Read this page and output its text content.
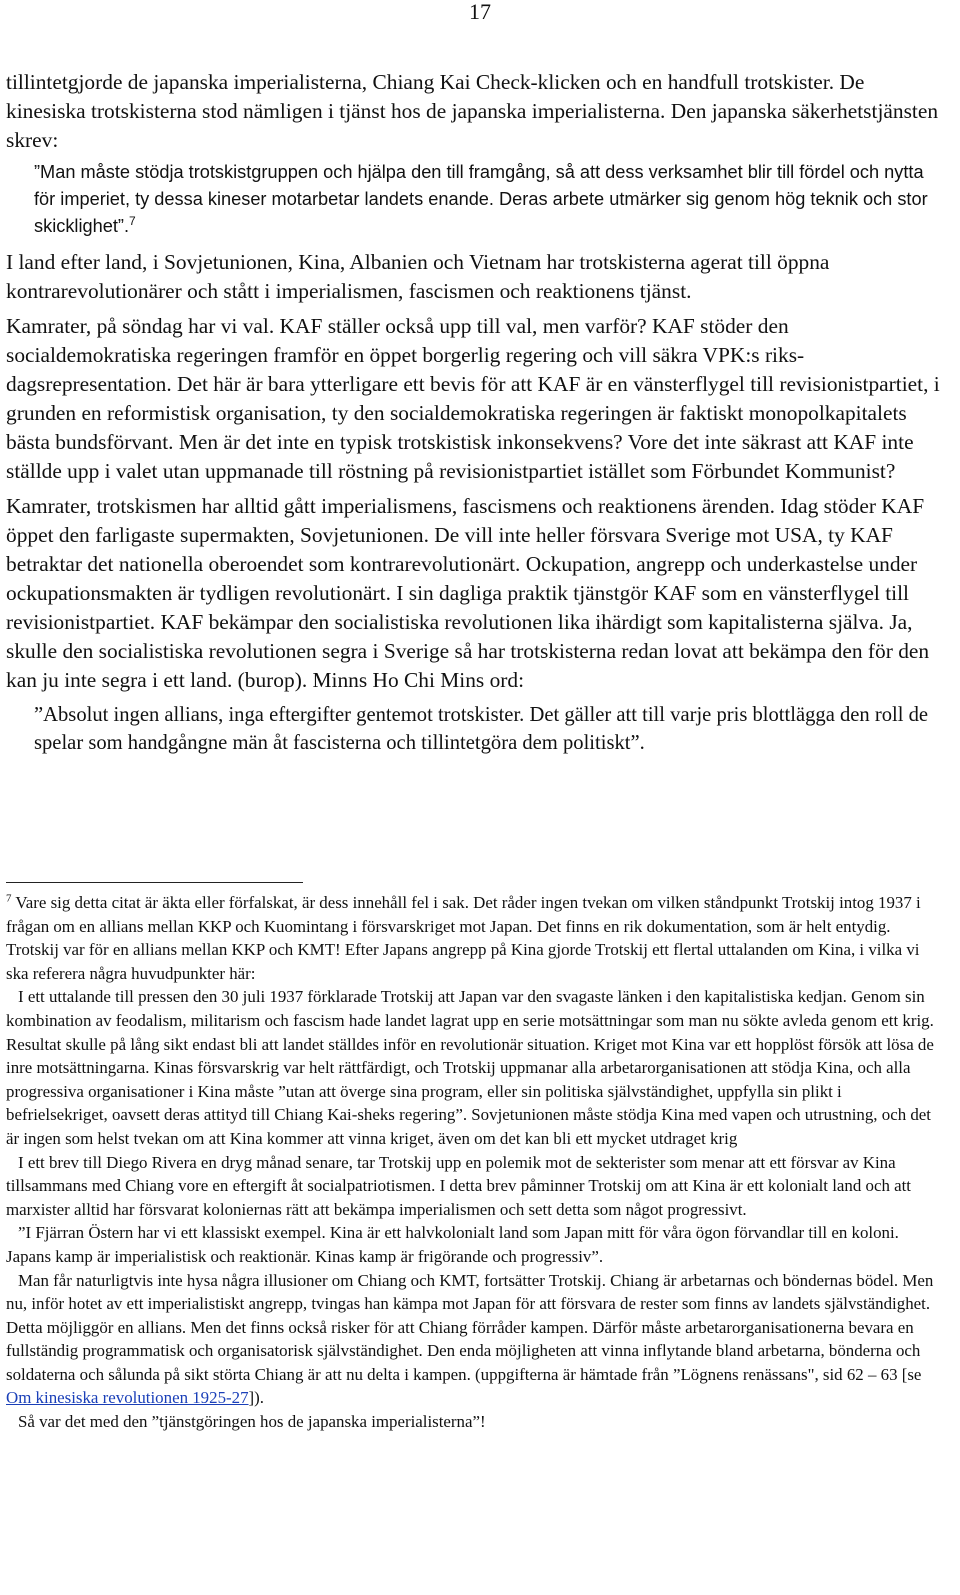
17

tillintetgjorde de japanska imperialisterna, Chiang Kai Check-klicken och en handfull trotskister. De kinesiska trotskisterna stod nämligen i tjänst hos de japanska imperialisterna. Den japanska säkerhetstjänsten skrev:

”Man måste stödja trotskistgruppen och hjälpa den till framgång, så att dess verksamhet blir till fördel och nytta för imperiet, ty dessa kineser motarbetar landets enande. Deras arbete utmärker sig genom hög teknik och stor skicklighet”.$^7$

I land efter land, i Sovjetunionen, Kina, Albanien och Vietnam har trotskisterna agerat till öppna kontrarevolutionärer och stått i imperialismen, fascismen och reaktionens tjänst.

Kamrater, på söndag har vi val. KAF ställer också upp till val, men varför? KAF stöder den socialdemokratiska regeringen framför en öppet borgerlig regering och vill säkra VPK:s riksdagsrepresentation. Det här är bara ytterligare ett bevis för att KAF är en vänsterflygel till revisionistpartiet, i grunden en reformistisk organisation, ty den socialdemokratiska regeringen är faktiskt monopolkapitalets bästa bundsförvant. Men är det inte en typisk trotskistisk inkonsekvens? Vore det inte säkrast att KAF inte ställde upp i valet utan uppmanade till röstning på revisionistpartiet istället som Förbundet Kommunist?

Kamrater, trotskismen har alltid gått imperialismens, fascismens och reaktionens ärenden. Idag stöder KAF öppet den farligaste supermakten, Sovjetunionen. De vill inte heller försvara Sverige mot USA, ty KAF betraktar det nationella oberoendet som kontrarevolutionärt. Ockupation, angrepp och underkastelse under ockupationsmakten är tydligen revolutionärt. I sin dagliga praktik tjänstgör KAF som en vänsterflygel till revisionistpartiet. KAF bekämpar den socialistiska revolutionen lika ihärdigt som kapitalisterna själva. Ja, skulle den socialistiska revolutionen segra i Sverige så har trotskisterna redan lovat att bekämpa den för den kan ju inte segra i ett land. (burop). Minns Ho Chi Mins ord:

”Absolut ingen allians, inga eftergifter gentemot trotskister. Det gäller att till varje pris blottlägga den roll de spelar som handgångne män åt fascisterna och tillintetgöra dem politiskt”.

$^7$ Vare sig detta citat är äkta eller förfalskat, är dess innehåll fel i sak. Det råder ingen tvekan om vilken ståndpunkt Trotskij intog 1937 i frågan om en allians mellan KKP och Kuomintang i försvarskriget mot Japan. Det finns en rik dokumentation, som är helt entydig. Trotskij var för en allians mellan KKP och KMT! Efter Japans angrepp på Kina gjorde Trotskij ett flertal uttalanden om Kina, i vilka vi ska referera några huvudpunkter här:

I ett uttalande till pressen den 30 juli 1937 förklarade Trotskij att Japan var den svagaste länken i den kapitalistiska kedjan. Genom sin kombination av feodalism, militarism och fascism hade landet lagrat upp en serie motsättningar som man nu sökte avleda genom ett krig. Resultat skulle på lång sikt endast bli att landet ställdes inför en revolutionär situation. Kriget mot Kina var ett hopplöst försök att lösa de inre motsättningarna. Kinas försvarskrig var helt rättfärdigt, och Trotskij uppmanar alla arbetarorganisationen att stödja Kina, och alla progressiva organisationer i Kina måste ”utan att överge sina program, eller sin politiska självständighet, uppfylla sin plikt i befrielsekriget, oavsett deras attityd till Chiang Kai-sheks regering”. Sovjetunionen måste stödja Kina med vapen och utrustning, och det är ingen som helst tvekan om att Kina kommer att vinna kriget, även om det kan bli ett mycket utdraget krig

I ett brev till Diego Rivera en dryg månad senare, tar Trotskij upp en polemik mot de sekterister som menar att ett försvar av Kina tillsammans med Chiang vore en eftergift åt socialpatriotismen. I detta brev påminner Trotskij om att Kina är ett kolonialt land och att marxister alltid har försvarat koloniernas rätt att bekämpa imperialismen och sett detta som något progressivt.

”I Fjärran Östern har vi ett klassiskt exempel. Kina är ett halvkolonialt land som Japan mitt för våra ögon förvandlar till en koloni. Japans kamp är imperialistisk och reaktionär. Kinas kamp är frigörande och progressiv”.

Man får naturligtvis inte hysa några illusioner om Chiang och KMT, fortsätter Trotskij. Chiang är arbetarnas och böndernas bödel. Men nu, inför hotet av ett imperialistiskt angrepp, tvingas han kämpa mot Japan för att försvara de rester som finns av landets självständighet. Detta möjliggör en allians. Men det finns också risker för att Chiang förråder kampen. Därför måste arbetarorganisationerna bevara en fullständig programmatisk och organisatorisk självständighet. Den enda möjligheten att vinna inflytande bland arbetarna, bönderna och soldaterna och sålunda på sikt störta Chiang är att nu delta i kampen. (uppgifterna är hämtade från ”Lögnens renässans", sid 62 – 63 [se Om kinesiska revolutionen 1925-27]).

Så var det med den ”tjänstgöringen hos de japanska imperialisterna”!
